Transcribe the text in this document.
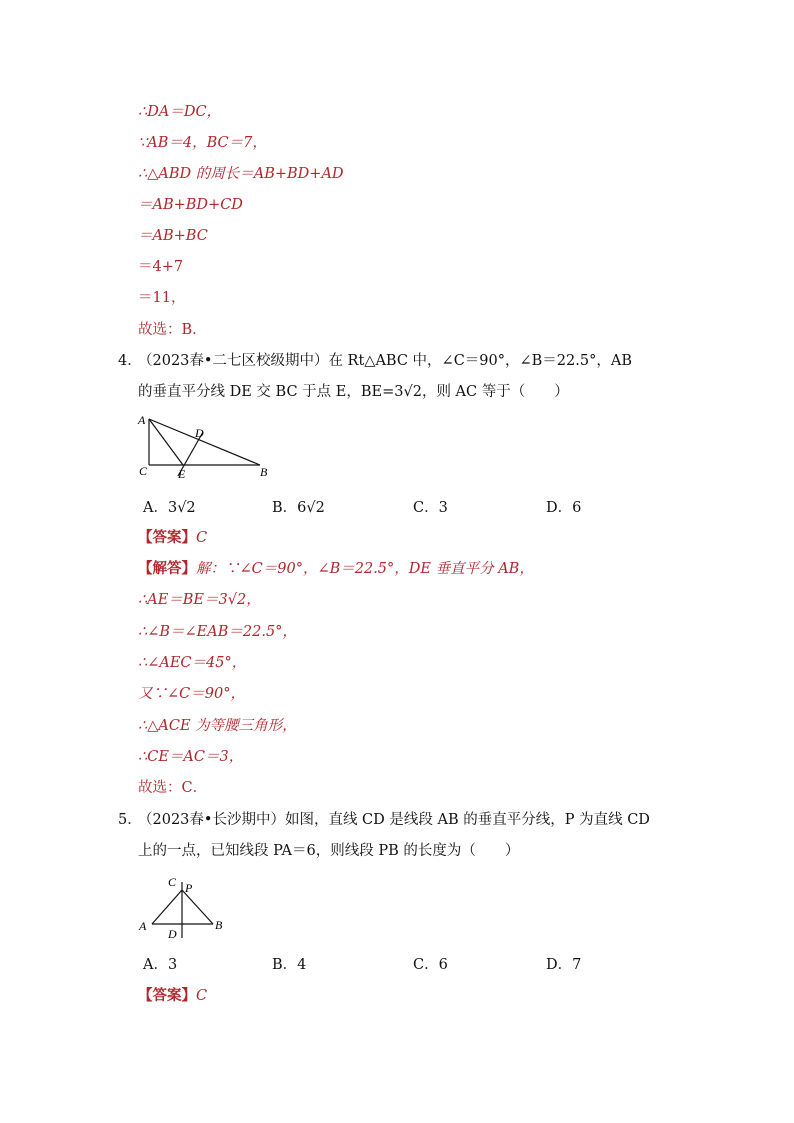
∴DA＝DC，
∵AB＝4，BC＝7，
∴△ABD 的周长＝AB+BD+AD
＝AB+BD+CD
＝AB+BC
＝4+7
＝11，
故选：B．
4．
（2023春•二七区校级期中）在 Rt△ABC 中，∠C＝90°，∠B＝22.5°，AB
的垂直平分线 DE 交 BC 于点 E，BE=3√2，则 AC 等于（　　）
A
C	E
D
B
A．3√2	B．6√2	C．3	D．6
【答案】C
【解答】解：∵∠C＝90°，∠B＝22.5°，DE 垂直平分 AB，
∴AE＝BE＝3√2，
∴∠B＝∠EAB＝22.5°，
∴∠AEC＝45°，
又∵∠C＝90°，
∴△ACE 为等腰三角形，
∴CE＝AC＝3，
故选：C．
5．
（2023春•长沙期中）如图，直线 CD 是线段 AB 的垂直平分线，P 为直线 CD
上的一点，已知线段 PA＝6，则线段 PB 的长度为（　　）
C P
A	B
D
A．3	B．4	C．6	D．7
【答案】C
